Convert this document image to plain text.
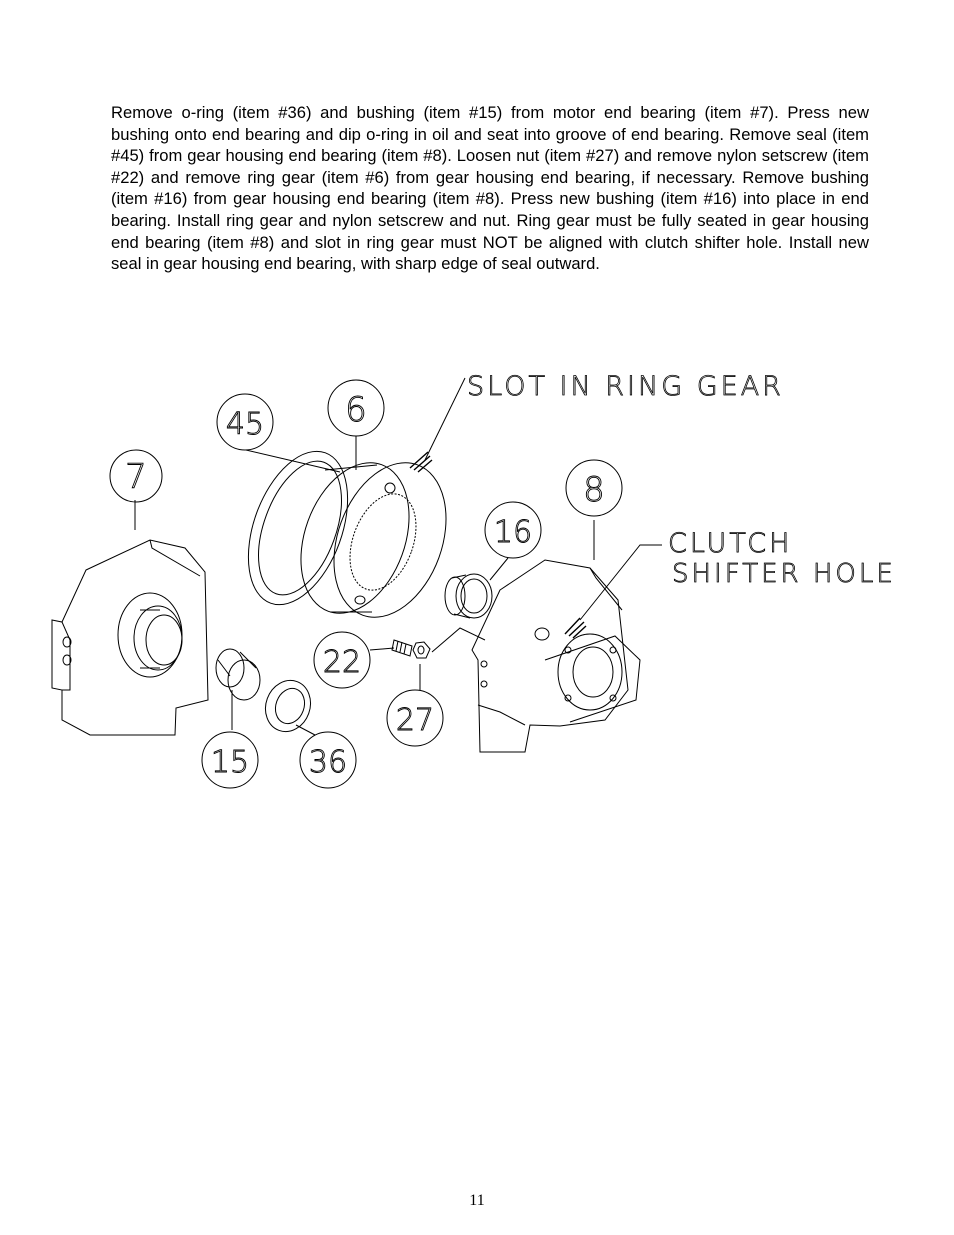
Remove o-ring (item #36) and bushing (item #15) from motor end bearing (item #7). Press new bushing onto end bearing and dip o-ring in oil and seat into groove of end bearing. Remove seal (item #45) from gear housing end bearing (item #8). Loosen nut (item #27) and remove nylon setscrew (item #22) and remove ring gear (item #6) from gear housing end bearing, if necessary. Remove bushing (item #16) from gear housing end bearing (item #8). Press new bushing (item #16) into place in end bearing. Install ring gear and nylon setscrew and nut. Ring gear must be fully seated in gear housing end bearing (item #8) and slot in ring gear must NOT be aligned with clutch shifter hole. Install new seal in gear housing end bearing, with sharp edge of seal outward.

7
45 6
8
16
22
27
15 36
SLOT IN RING GEAR
CLUTCH
SHIFTER HOLE
11
